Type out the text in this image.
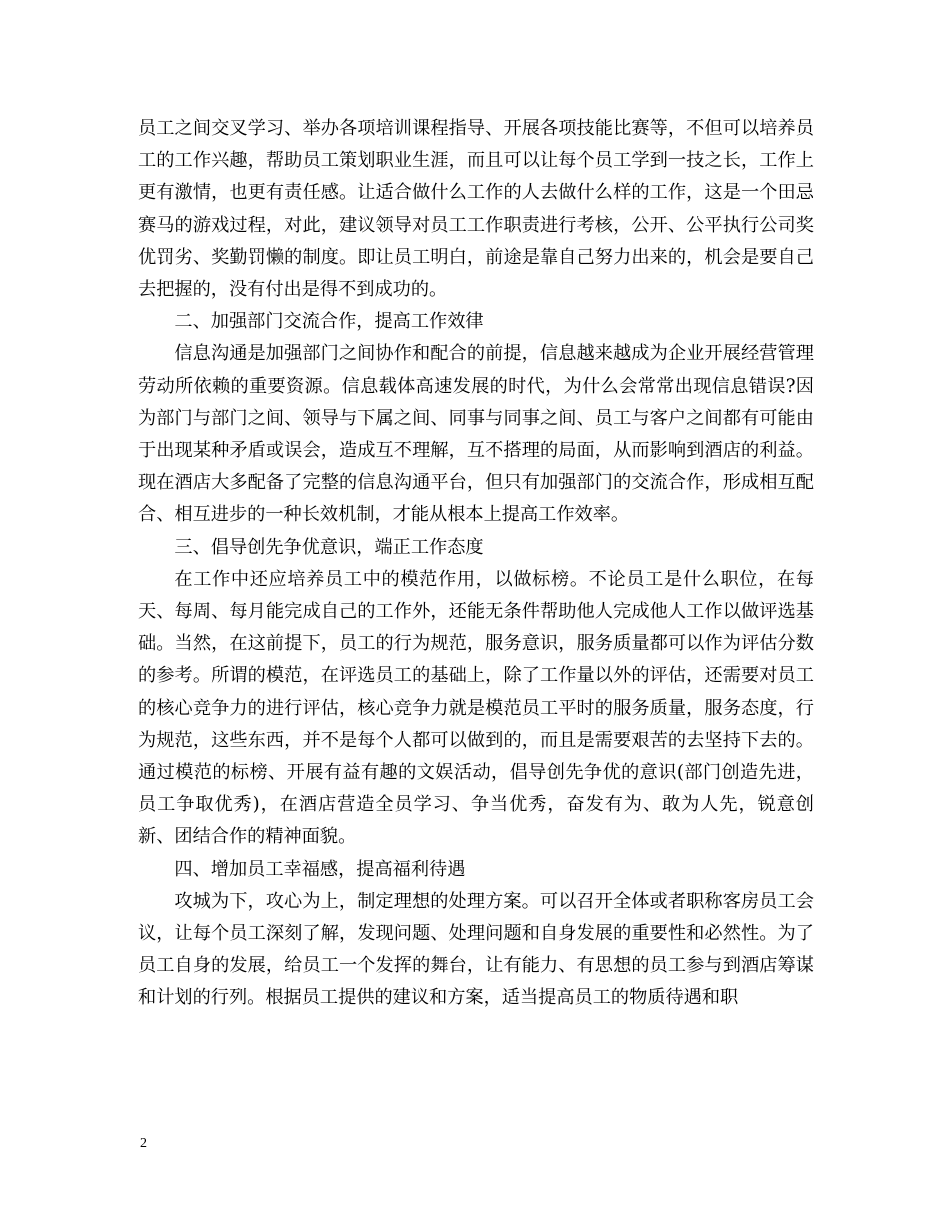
员工之间交叉学习、举办各项培训课程指导、开展各项技能比赛等，不但可以培养员工的工作兴趣，帮助员工策划职业生涯，而且可以让每个员工学到一技之长，工作上更有激情，也更有责任感。让适合做什么工作的人去做什么样的工作，这是一个田忌赛马的游戏过程，对此，建议领导对员工工作职责进行考核，公开、公平执行公司奖优罚劣、奖勤罚懒的制度。即让员工明白，前途是靠自己努力出来的，机会是要自己去把握的，没有付出是得不到成功的。

二、加强部门交流合作，提高工作效律

信息沟通是加强部门之间协作和配合的前提，信息越来越成为企业开展经营管理劳动所依赖的重要资源。信息载体高速发展的时代，为什么会常常出现信息错误?因为部门与部门之间、领导与下属之间、同事与同事之间、员工与客户之间都有可能由于出现某种矛盾或误会，造成互不理解，互不搭理的局面，从而影响到酒店的利益。现在酒店大多配备了完整的信息沟通平台，但只有加强部门的交流合作，形成相互配合、相互进步的一种长效机制，才能从根本上提高工作效率。

三、倡导创先争优意识，端正工作态度

在工作中还应培养员工中的模范作用，以做标榜。不论员工是什么职位，在每天、每周、每月能完成自己的工作外，还能无条件帮助他人完成他人工作以做评选基础。当然，在这前提下，员工的行为规范，服务意识，服务质量都可以作为评估分数的参考。所谓的模范，在评选员工的基础上，除了工作量以外的评估，还需要对员工的核心竞争力的进行评估，核心竞争力就是模范员工平时的服务质量，服务态度，行为规范，这些东西，并不是每个人都可以做到的，而且是需要艰苦的去坚持下去的。通过模范的标榜、开展有益有趣的文娱活动，倡导创先争优的意识(部门创造先进，员工争取优秀)，在酒店营造全员学习、争当优秀，奋发有为、敢为人先，锐意创新、团结合作的精神面貌。

四、增加员工幸福感，提高福利待遇

攻城为下，攻心为上，制定理想的处理方案。可以召开全体或者职称客房员工会议，让每个员工深刻了解，发现问题、处理问题和自身发展的重要性和必然性。为了员工自身的发展，给员工一个发挥的舞台，让有能力、有思想的员工参与到酒店筹谋和计划的行列。根据员工提供的建议和方案，适当提高员工的物质待遇和职

2
